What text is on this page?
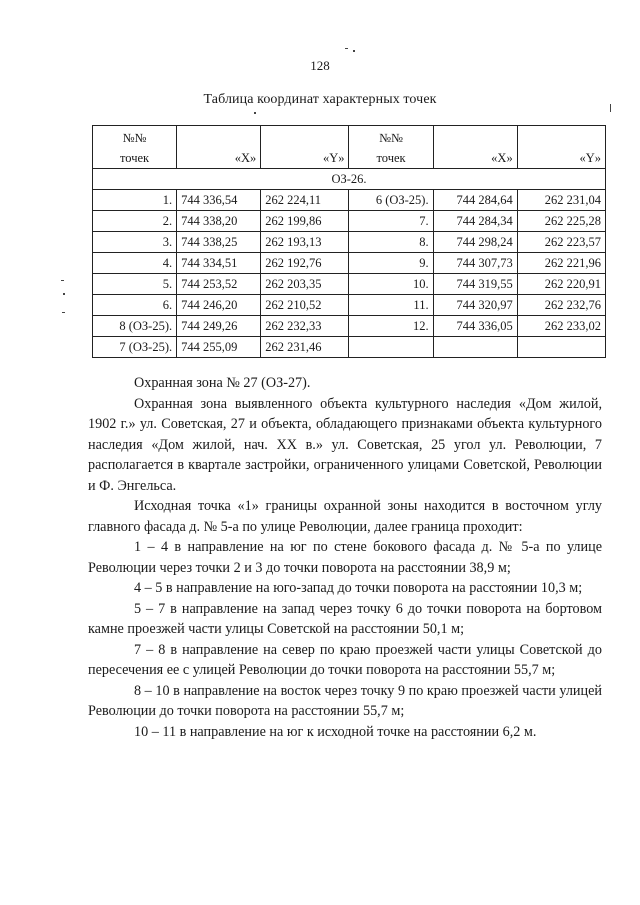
128
Таблица координат характерных точек
№№			№№		
точек	«X»	«Y»	точек	«X»	«Y»
ОЗ-26.					
1.	744 336,54	262 224,11	6 (ОЗ-25).	744 284,64	262 231,04
2.	744 338,20	262 199,86	7.	744 284,34	262 225,28
3.	744 338,25	262 193,13	8.	744 298,24	262 223,57
4.	744 334,51	262 192,76	9.	744 307,73	262 221,96
5.	744 253,52	262 203,35	10.	744 319,55	262 220,91
6.	744 246,20	262 210,52	11.	744 320,97	262 232,76
8 (ОЗ-25).	744 249,26	262 232,33	12.	744 336,05	262 233,02
7 (ОЗ-25).	744 255,09	262 231,46			

Охранная зона № 27 (ОЗ-27).

Охранная зона выявленного объекта культурного наследия «Дом жилой, 1902 г.» ул. Советская, 27 и объекта, обладающего признаками объекта культурного наследия «Дом жилой, нач. XX в.» ул. Советская, 25 угол ул. Революции, 7 располагается в квартале застройки, ограниченного улицами Советской, Революции и Ф. Энгельса.

Исходная точка «1» границы охранной зоны находится в восточном углу главного фасада д. № 5-а по улице Революции, далее граница проходит:

1 – 4 в направление на юг по стене бокового фасада д. № 5-а по улице Революции через точки 2 и 3 до точки поворота на расстоянии 38,9 м;

4 – 5 в направление на юго-запад до точки поворота на расстоянии 10,3 м;

5 – 7 в направление на запад через точку 6 до точки поворота на бортовом камне проезжей части улицы Советской на расстоянии 50,1 м;

7 – 8 в направление на север по краю проезжей части улицы Советской до пересечения ее с улицей Революции до точки поворота на расстоянии 55,7 м;

8 – 10 в направление на восток через точку 9 по краю проезжей части улицей Революции до точки поворота на расстоянии 55,7 м;

10 – 11 в направление на юг к исходной точке на расстоянии 6,2 м.
